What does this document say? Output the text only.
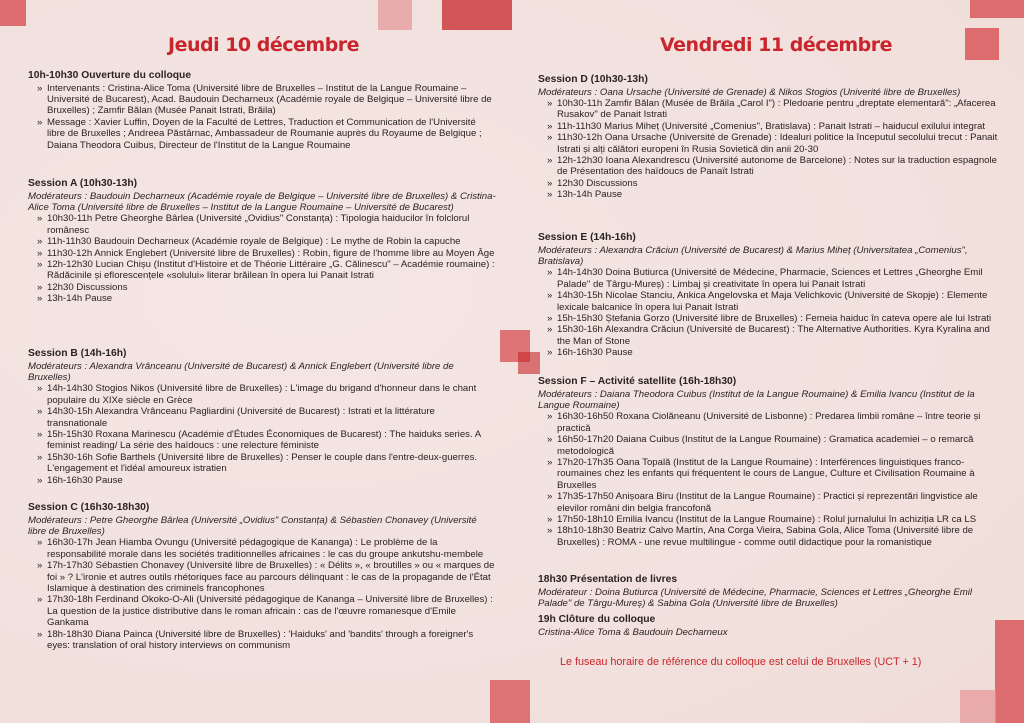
Jeudi 10 décembre

10h-10h30 Ouverture du colloque

» Intervenants : Cristina-Alice Toma (Université libre de Bruxelles – Institut de la Langue Roumaine – Université de Bucarest), Acad. Baudouin Decharneux (Académie royale de Belgique – Université libre de Bruxelles) ; Zamfir Bălan (Musée Panait Istrati, Brăila)
» Message : Xavier Luffin, Doyen de la Faculté de Lettres, Traduction et Communication de l'Université libre de Bruxelles ; Andreea Păstârnac, Ambassadeur de Roumanie auprès du Royaume de Belgique ; Daiana Theodora Cuibus, Directeur de l'Institut de la Langue Roumaine

Session A (10h30-13h)

Modérateurs : Baudouin Decharneux (Académie royale de Belgique – Université libre de Bruxelles) & Cristina-Alice Toma (Université libre de Bruxelles – Institut de la Langue Roumaine – Université de Bucarest)

» 10h30-11h Petre Gheorghe Bârlea (Université „Ovidius" Constanța) : Tipologia haiducilor în folclorul românesc
» 11h-11h30 Baudouin Decharneux (Académie royale de Belgique) : Le mythe de Robin la capuche
» 11h30-12h Annick Englebert (Université libre de Bruxelles) : Robin, figure de l'homme libre au Moyen Âge
» 12h-12h30 Lucian Chișu (Institut d'Histoire et de Théorie Littéraire „G. Călinescu" – Académie roumaine) : Rădăcinile și eflorescențele «solului» literar brăilean în opera lui Panait Istrati
» 12h30 Discussions
» 13h-14h Pause

Session B (14h-16h)

Modérateurs : Alexandra Vrânceanu (Université de Bucarest) & Annick Englebert (Université libre de Bruxelles)

» 14h-14h30 Stogios Nikos (Université libre de Bruxelles) : L'image du brigand d'honneur dans le chant populaire du XIXe siècle en Grèce
» 14h30-15h Alexandra Vrânceanu Pagliardini (Université de Bucarest) : Istrati et la littérature transnationale
» 15h-15h30 Roxana Marinescu (Académie d'Études Économiques de Bucarest) : The haiduks series. A feminist reading/ La série des haïdoucs : une relecture féministe
» 15h30-16h Sofie Barthels (Université libre de Bruxelles) : Penser le couple dans l'entre-deux-guerres. L'engagement et l'idéal amoureux istratien
» 16h-16h30 Pause

Session C (16h30-18h30)

Modérateurs : Petre Gheorghe Bârlea (Université „Ovidius" Constanța) & Sébastien Chonavey (Université libre de Bruxelles)

» 16h30-17h Jean Hiamba Ovungu (Université pédagogique de Kananga) : Le problème de la responsabilité morale dans les sociétés traditionnelles africaines : le cas du groupe ankutshu-membele
» 17h-17h30 Sébastien Chonavey (Université libre de Bruxelles) : « Délits », « broutilles » ou « marques de foi » ? L'ironie et autres outils rhétoriques face au parcours délinquant : le cas de la propagande de l'État Islamique à destination des criminels francophones
» 17h30-18h Ferdinand Okoko-O-Ali (Université pédagogique de Kananga – Université libre de Bruxelles) : La question de la justice distributive dans le roman africain : cas de l'œuvre romanesque d'Emile Gankama
» 18h-18h30 Diana Painca (Université libre de Bruxelles) : 'Haiduks' and 'bandits' through a foreigner's eyes: translation of oral history interviews on communism
Vendredi 11 décembre

Session D (10h30-13h)

Modérateurs : Oana Ursache (Université de Grenade) & Nikos Stogios (Univerité libre de Bruxelles)

» 10h30-11h Zamfir Bălan (Musée de Brăila „Carol I") : Pledoarie pentru „dreptate elementară": „Afacerea Rusakov" de Panait Istrati
» 11h-11h30 Marius Miheț (Université „Comenius", Bratislava) : Panait Istrati – haiducul exilului integrat
» 11h30-12h Oana Ursache (Université de Grenade) : Idealuri politice la începutul secolului trecut : Panait Istrati și alți călători europeni în Rusia Sovietică din anii 20-30
» 12h-12h30 Ioana Alexandrescu (Université autonome de Barcelone) : Notes sur la traduction espagnole de Présentation des haïdoucs de Panaït Istrati
» 12h30 Discussions
» 13h-14h Pause

Session E (14h-16h)

Modérateurs : Alexandra Crăciun (Université de Bucarest) & Marius Miheț (Universitatea „Comenius", Bratislava)

» 14h-14h30 Doina Butiurca (Université de Médecine, Pharmacie, Sciences et Lettres „Gheorghe Emil Palade" de Târgu-Mureș) : Limbaj și creativitate în opera lui Panait Istrati
» 14h30-15h Nicolae Stanciu, Ankica Angelovska et Maja Velichkovic (Université de Skopje) : Elemente lexicale balcanice în opera lui Panait Istrati
» 15h-15h30 Ștefania Gorzo (Université libre de Bruxelles) : Femeia haiduc în cateva opere ale lui Istrati
» 15h30-16h Alexandra Crăciun (Université de Bucarest) : The Alternative Authorities. Kyra Kyralina and the Man of Stone
» 16h-16h30 Pause

Session F – Activité satellite (16h-18h30)

Modérateurs : Daiana Theodora Cuibus (Institut de la Langue Roumaine) & Emilia Ivancu (Institut de la Langue Roumaine)

» 16h30-16h50 Roxana Ciolăneanu (Université de Lisbonne) : Predarea limbii române – între teorie și practică
» 16h50-17h20 Daiana Cuibus (Institut de la Langue Roumaine) : Gramatica academiei – o remarcă metodologică
» 17h20-17h35 Oana Topală (Institut de la Langue Roumaine) : Interférences linguistiques franco-roumaines chez les enfants qui fréquentent le cours de Langue, Culture et Civilisation Roumaine à Bruxelles
» 17h35-17h50 Anișoara Biru (Institut de la Langue Roumaine) : Practici și reprezentări lingvistice ale elevilor români din belgia francofonă
» 17h50-18h10 Emilia Ivancu (Institut de la Langue Roumaine) : Rolul jurnalului în achiziția LR ca LS
» 18h10-18h30 Beatriz Calvo Martín, Ana Corga Vieira, Sabina Gola, Alice Toma (Université libre de Bruxelles) : ROMA - une revue multilingue - comme outil didactique pour la romanistique

18h30 Présentation de livres

Modérateur : Doina Butiurca (Université de Médecine, Pharmacie, Sciences et Lettres „Gheorghe Emil Palade" de Târgu-Mureș) & Sabina Gola (Université libre de Bruxelles)

19h Clôture du colloque

Cristina-Alice Toma & Baudouin Decharneux

Le fuseau horaire de référence du colloque est celui de Bruxelles (UCT + 1)
